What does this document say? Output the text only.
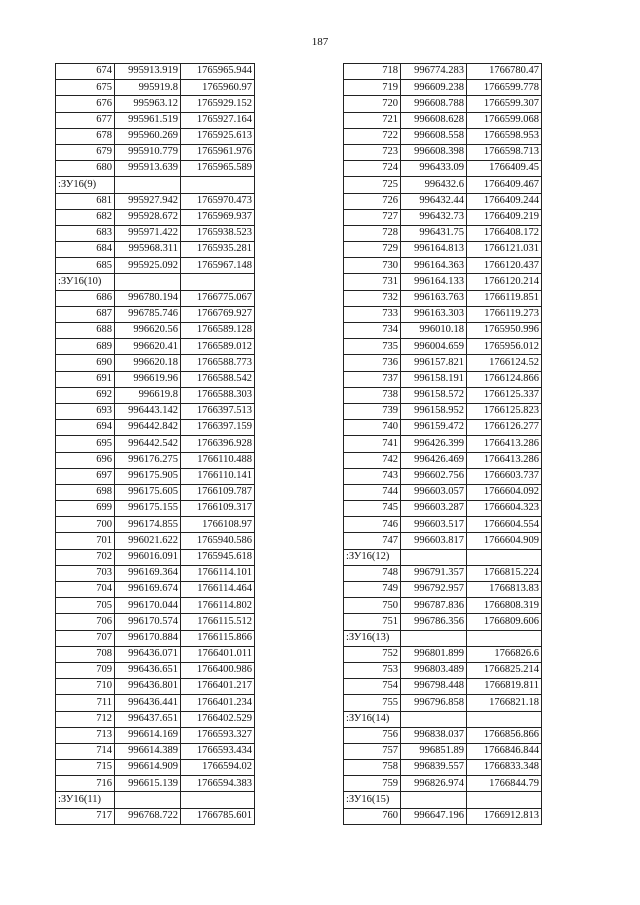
187
674	995913.919	1765965.944
675	995919.8	1765960.97
676	995963.12	1765929.152
677	995961.519	1765927.164
678	995960.269	1765925.613
679	995910.779	1765961.976
680	995913.639	1765965.589
:ЗУ16(9)		
681	995927.942	1765970.473
682	995928.672	1765969.937
683	995971.422	1765938.523
684	995968.311	1765935.281
685	995925.092	1765967.148
:ЗУ16(10)		
686	996780.194	1766775.067
687	996785.746	1766769.927
688	996620.56	1766589.128
689	996620.41	1766589.012
690	996620.18	1766588.773
691	996619.96	1766588.542
692	996619.8	1766588.303
693	996443.142	1766397.513
694	996442.842	1766397.159
695	996442.542	1766396.928
696	996176.275	1766110.488
697	996175.905	1766110.141
698	996175.605	1766109.787
699	996175.155	1766109.317
700	996174.855	1766108.97
701	996021.622	1765940.586
702	996016.091	1765945.618
703	996169.364	1766114.101
704	996169.674	1766114.464
705	996170.044	1766114.802
706	996170.574	1766115.512
707	996170.884	1766115.866
708	996436.071	1766401.011
709	996436.651	1766400.986
710	996436.801	1766401.217
711	996436.441	1766401.234
712	996437.651	1766402.529
713	996614.169	1766593.327
714	996614.389	1766593.434
715	996614.909	1766594.02
716	996615.139	1766594.383
:ЗУ16(11)		
717	996768.722	1766785.601
718	996774.283	1766780.47
719	996609.238	1766599.778
720	996608.788	1766599.307
721	996608.628	1766599.068
722	996608.558	1766598.953
723	996608.398	1766598.713
724	996433.09	1766409.45
725	996432.6	1766409.467
726	996432.44	1766409.244
727	996432.73	1766409.219
728	996431.75	1766408.172
729	996164.813	1766121.031
730	996164.363	1766120.437
731	996164.133	1766120.214
732	996163.763	1766119.851
733	996163.303	1766119.273
734	996010.18	1765950.996
735	996004.659	1765956.012
736	996157.821	1766124.52
737	996158.191	1766124.866
738	996158.572	1766125.337
739	996158.952	1766125.823
740	996159.472	1766126.277
741	996426.399	1766413.286
742	996426.469	1766413.286
743	996602.756	1766603.737
744	996603.057	1766604.092
745	996603.287	1766604.323
746	996603.517	1766604.554
747	996603.817	1766604.909
:ЗУ16(12)		
748	996791.357	1766815.224
749	996792.957	1766813.83
750	996787.836	1766808.319
751	996786.356	1766809.606
:ЗУ16(13)		
752	996801.899	1766826.6
753	996803.489	1766825.214
754	996798.448	1766819.811
755	996796.858	1766821.18
:ЗУ16(14)		
756	996838.037	1766856.866
757	996851.89	1766846.844
758	996839.557	1766833.348
759	996826.974	1766844.79
:ЗУ16(15)		
760	996647.196	1766912.813
